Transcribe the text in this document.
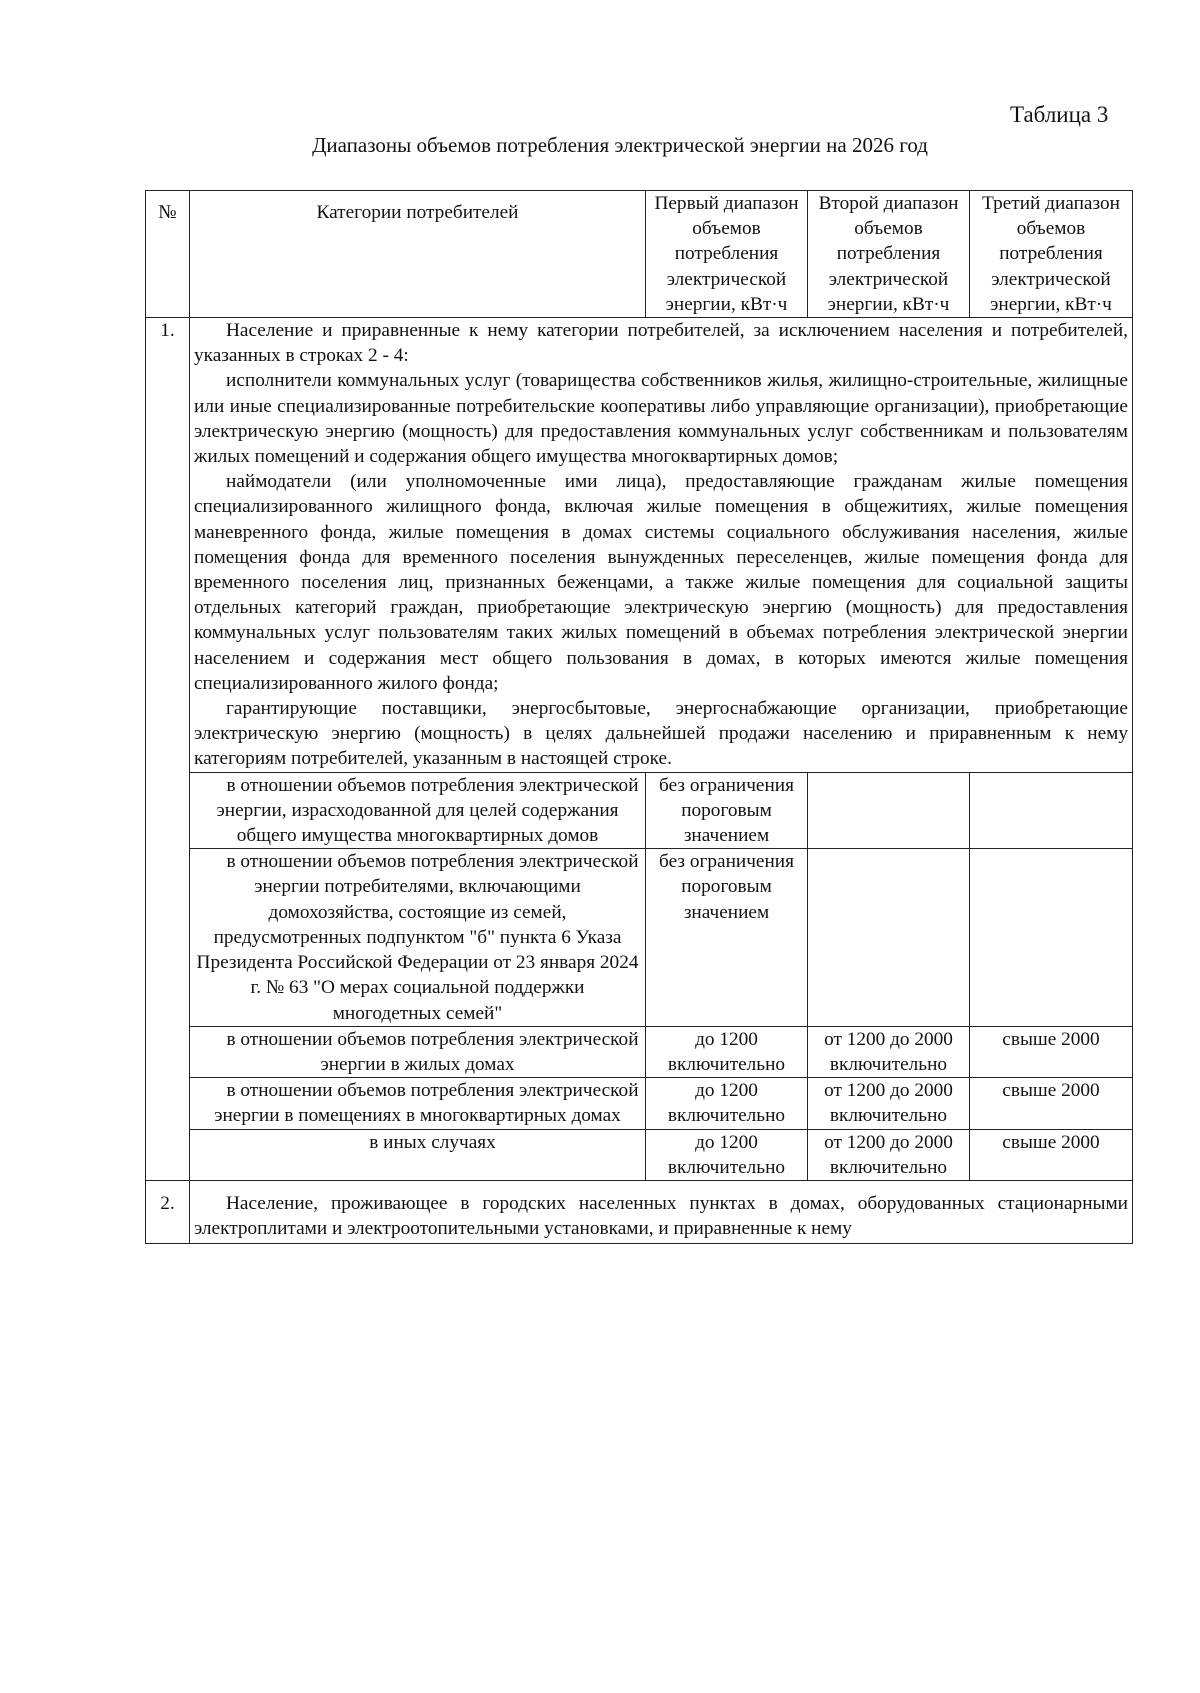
Таблица 3
Диапазоны объемов потребления электрической энергии на 2026 год
№	Категории потребителей	Первый диапазон объемов потребления электрической энергии, кВт·ч	Второй диапазон объемов потребления электрической энергии, кВт·ч	Третий диапазон объемов потребления электрической энергии, кВт·ч
1.	Население и приравненные к нему категории потребителей, за исключением населения и потребителей, указанных в строках 2 - 4:

исполнители коммунальных услуг (товарищества собственников жилья, жилищно-строительные, жилищные или иные специализированные потребительские кооперативы либо управляющие организации), приобретающие электрическую энергию (мощность) для предоставления коммунальных услуг собственникам и пользователям жилых помещений и содержания общего имущества многоквартирных домов;

наймодатели (или уполномоченные ими лица), предоставляющие гражданам жилые помещения специализированного жилищного фонда, включая жилые помещения в общежитиях, жилые помещения маневренного фонда, жилые помещения в домах системы социального обслуживания населения, жилые помещения фонда для временного поселения вынужденных переселенцев, жилые помещения фонда для временного поселения лиц, признанных беженцами, а также жилые помещения для социальной защиты отдельных категорий граждан, приобретающие электрическую энергию (мощность) для предоставления коммунальных услуг пользователям таких жилых помещений в объемах потребления электрической энергии населением и содержания мест общего пользования в домах, в которых имеются жилые помещения специализированного жилого фонда;

гарантирующие поставщики, энергосбытовые, энергоснабжающие организации, приобретающие электрическую энергию (мощность) в целях дальнейшей продажи населению и приравненным к нему категориям потребителей, указанным в настоящей строке.			

	в отношении объемов потребления электрической энергии, израсходованной для целей содержания общего имущества многоквартирных домов	без ограничения пороговым значением		

	в отношении объемов потребления электрической энергии потребителями, включающими домохозяйства, состоящие из семей, предусмотренных подпунктом "б" пункта 6 Указа Президента Российской Федерации от 23 января 2024 г. № 63 "О мерах социальной поддержки многодетных семей"	без ограничения пороговым значением		

	в отношении объемов потребления электрической энергии в жилых домах	до 1200 включительно	от 1200 до 2000 включительно	свыше 2000

	в отношении объемов потребления электрической энергии в помещениях в многоквартирных домах	до 1200 включительно	от 1200 до 2000 включительно	свыше 2000

	в иных случаях	до 1200 включительно	от 1200 до 2000 включительно	свыше 2000
2.	Население, проживающее в городских населенных пунктах в домах, оборудованных стационарными электроплитами и электроотопительными установками, и приравненные к нему			
